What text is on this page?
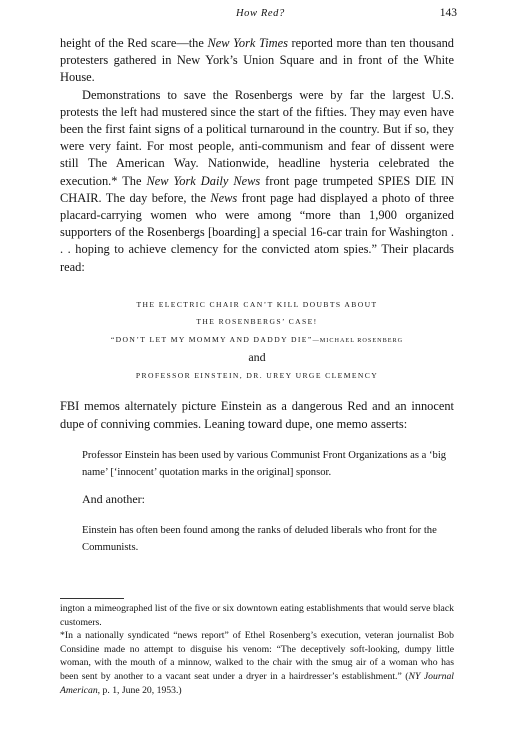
How Red?	143

height of the Red scare—the New York Times reported more than ten thousand protesters gathered in New York’s Union Square and in front of the White House.

Demonstrations to save the Rosenbergs were by far the largest U.S. protests the left had mustered since the start of the fifties. They may even have been the first faint signs of a political turnaround in the country. But if so, they were very faint. For most people, anti-communism and fear of dissent were still The American Way. Nationwide, headline hysteria celebrated the execution.* The New York Daily News front page trumpeted SPIES DIE IN CHAIR. The day before, the News front page had displayed a photo of three placard-carrying women who were among “more than 1,900 organized supporters of the Rosenbergs [boarding] a special 16-car train for Washington . . . hoping to achieve clemency for the convicted atom spies.” Their placards read:

THE ELECTRIC CHAIR CAN’T KILL DOUBTS ABOUT
THE ROSENBERGS’ CASE!
“DON’T LET MY MOMMY AND DADDY DIE”—MICHAEL ROSENBERG
and
PROFESSOR EINSTEIN, DR. UREY URGE CLEMENCY

FBI memos alternately picture Einstein as a dangerous Red and an innocent dupe of conniving commies. Leaning toward dupe, one memo asserts:

Professor Einstein has been used by various Communist Front Organizations as a ‘big name’ [‘innocent’ quotation marks in the original] sponsor.
And another:
Einstein has often been found among the ranks of deluded liberals who front for the Communists.

ington a mimeographed list of the five or six downtown eating establishments that would serve black customers.

*In a nationally syndicated “news report” of Ethel Rosenberg’s execution, veteran journalist Bob Considine made no attempt to disguise his venom: “The deceptively soft-looking, dumpy little woman, with the mouth of a minnow, walked to the chair with the smug air of a woman who has been sent by another to a vacant seat under a dryer in a hairdresser’s establishment.” (NY Journal American, p. 1, June 20, 1953.)
